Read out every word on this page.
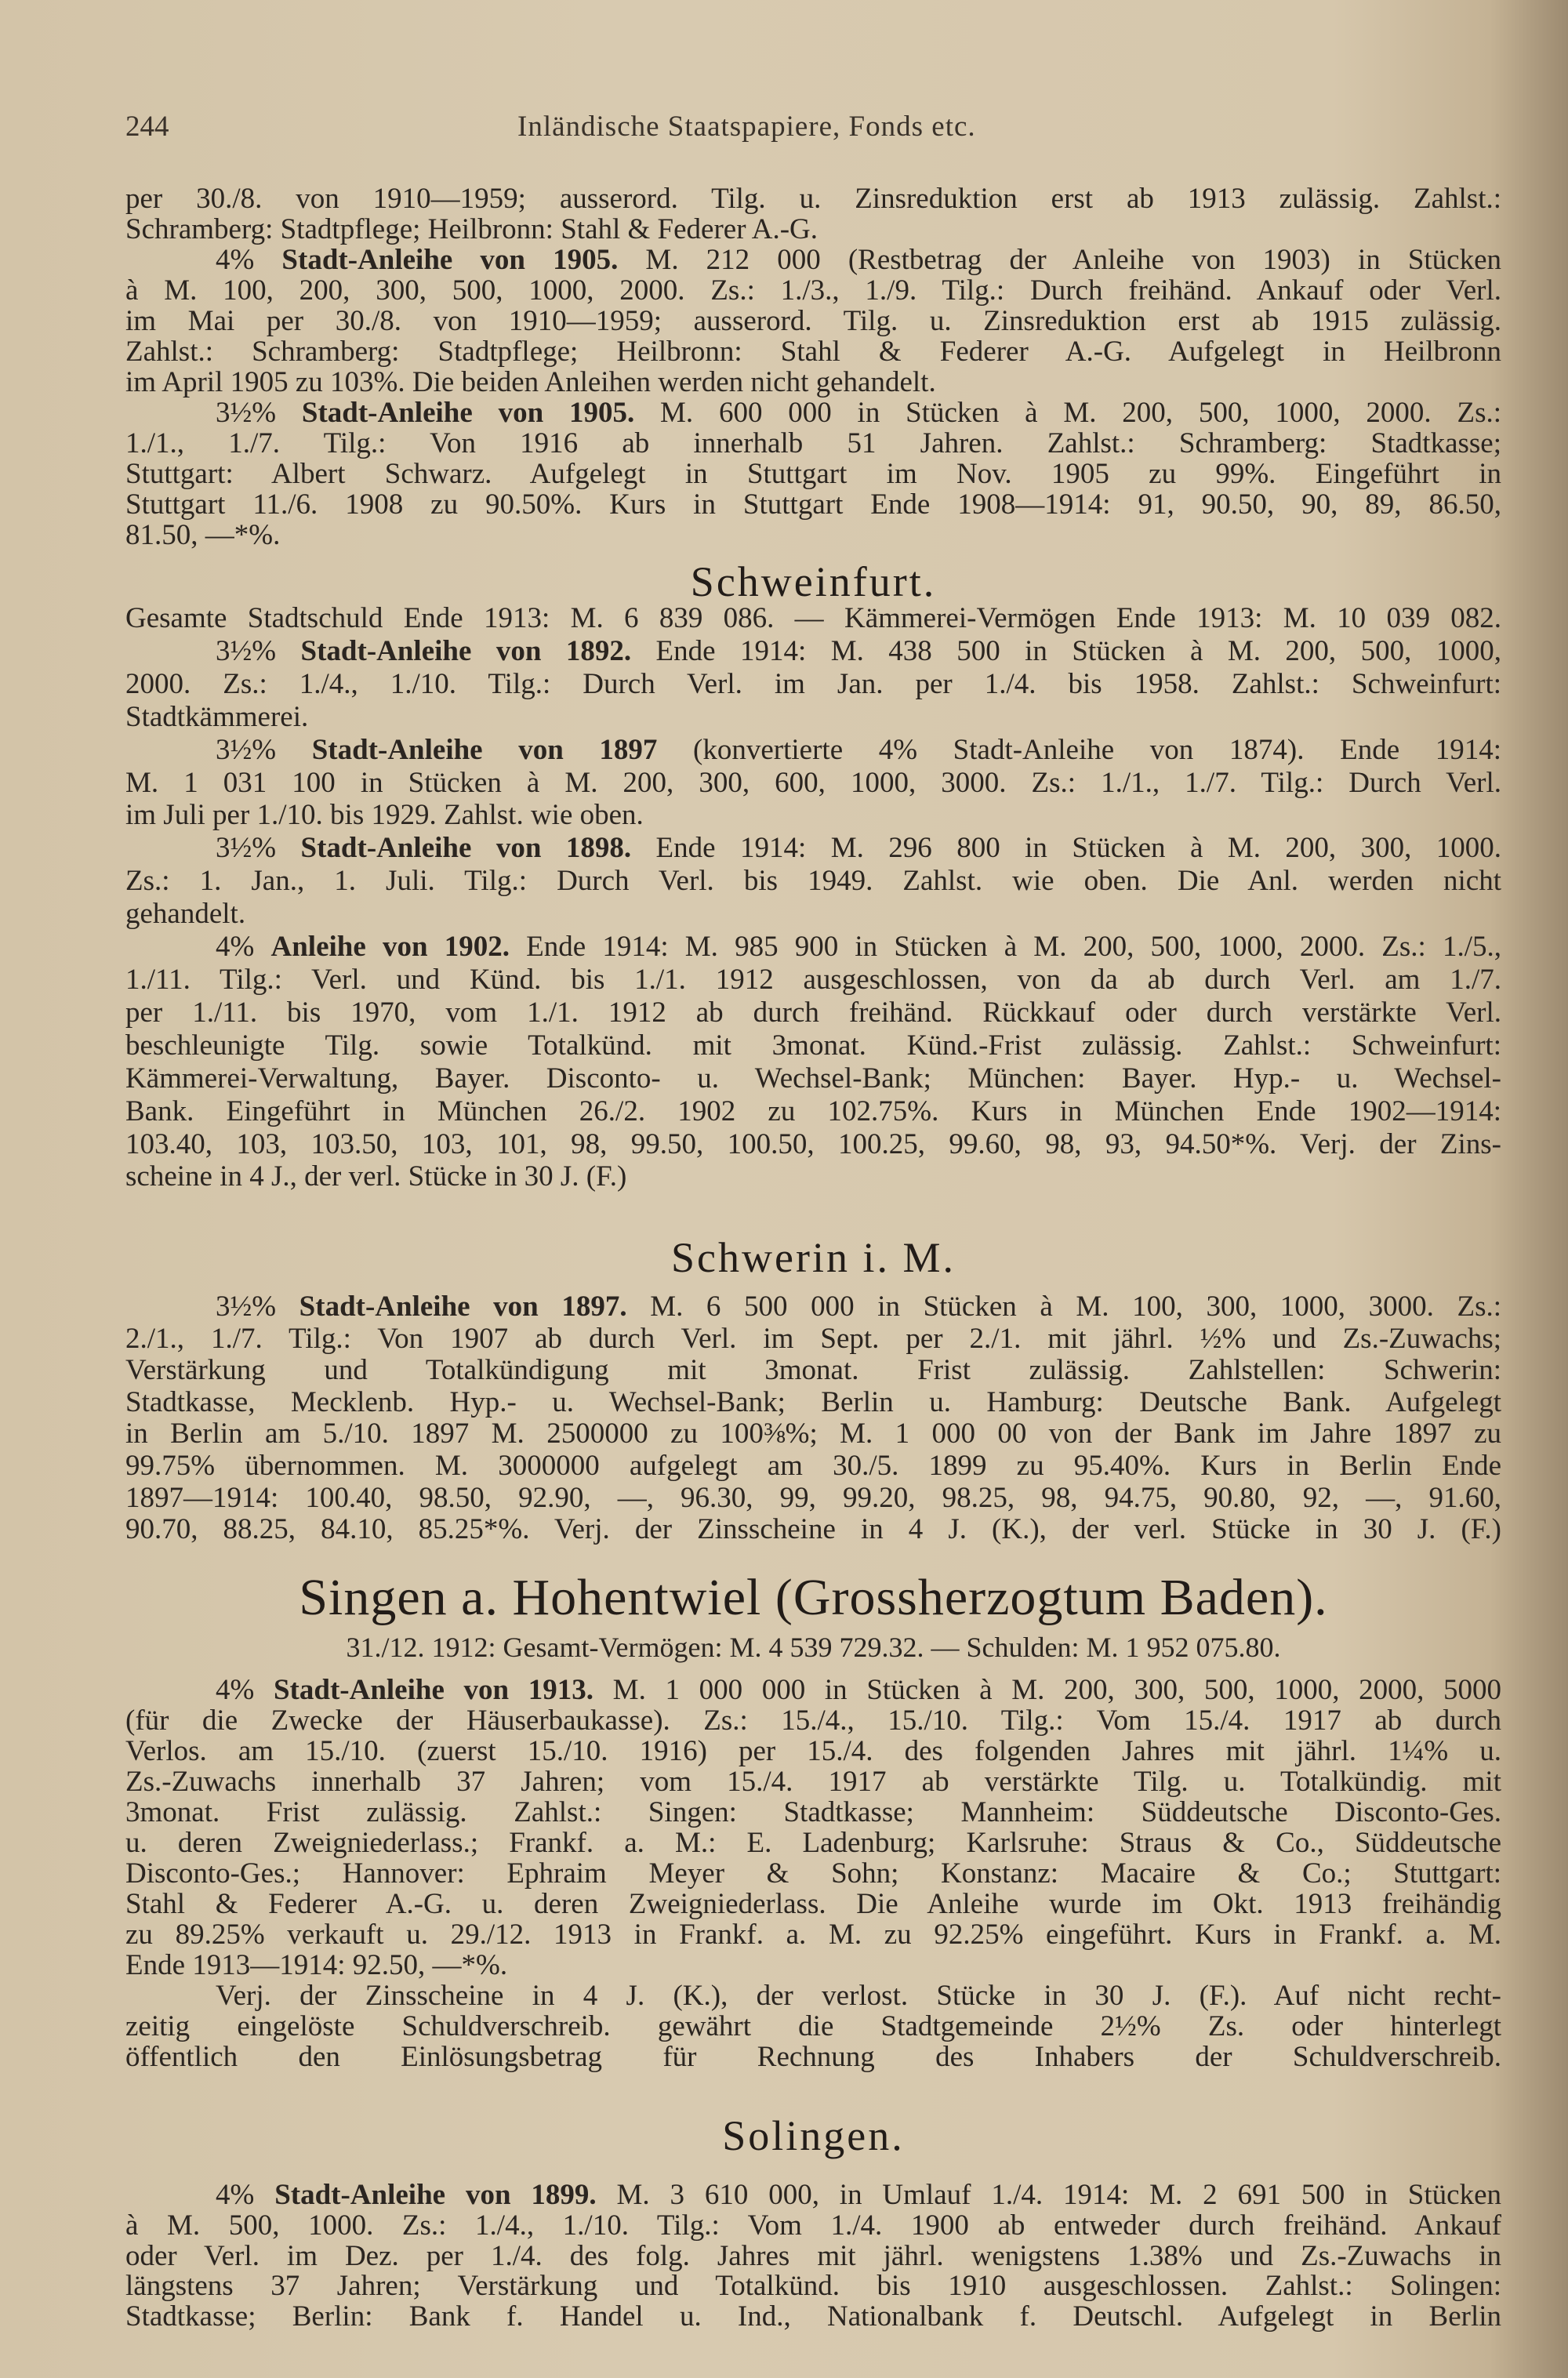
244	Inländische Staatspapiere, Fonds etc.
per 30./8. von 1910—1959; ausserord. Tilg. u. Zinsreduktion erst ab 1913 zulässig. Zahlst.:
Schramberg: Stadtpflege; Heilbronn: Stahl & Federer A.-G.
4% Stadt-Anleihe von 1905. M. 212 000 (Restbetrag der Anleihe von 1903) in Stücken
à M. 100, 200, 300, 500, 1000, 2000. Zs.: 1./3., 1./9. Tilg.: Durch freihänd. Ankauf oder Verl.
im Mai per 30./8. von 1910—1959; ausserord. Tilg. u. Zinsreduktion erst ab 1915 zulässig.
Zahlst.: Schramberg: Stadtpflege; Heilbronn: Stahl & Federer A.-G. Aufgelegt in Heilbronn
im April 1905 zu 103%. Die beiden Anleihen werden nicht gehandelt.
3½% Stadt-Anleihe von 1905. M. 600 000 in Stücken à M. 200, 500, 1000, 2000. Zs.:
1./1., 1./7. Tilg.: Von 1916 ab innerhalb 51 Jahren. Zahlst.: Schramberg: Stadtkasse;
Stuttgart: Albert Schwarz. Aufgelegt in Stuttgart im Nov. 1905 zu 99%. Eingeführt in
Stuttgart 11./6. 1908 zu 90.50%. Kurs in Stuttgart Ende 1908—1914: 91, 90.50, 90, 89, 86.50,
81.50, —*%.
Schweinfurt.
Gesamte Stadtschuld Ende 1913: M. 6 839 086. — Kämmerei-Vermögen Ende 1913: M. 10 039 082.
3½% Stadt-Anleihe von 1892. Ende 1914: M. 438 500 in Stücken à M. 200, 500, 1000,
2000. Zs.: 1./4., 1./10. Tilg.: Durch Verl. im Jan. per 1./4. bis 1958. Zahlst.: Schweinfurt:
Stadtkämmerei.
3½% Stadt-Anleihe von 1897 (konvertierte 4% Stadt-Anleihe von 1874). Ende 1914:
M. 1 031 100 in Stücken à M. 200, 300, 600, 1000, 3000. Zs.: 1./1., 1./7. Tilg.: Durch Verl.
im Juli per 1./10. bis 1929. Zahlst. wie oben.
3½% Stadt-Anleihe von 1898. Ende 1914: M. 296 800 in Stücken à M. 200, 300, 1000.
Zs.: 1. Jan., 1. Juli. Tilg.: Durch Verl. bis 1949. Zahlst. wie oben. Die Anl. werden nicht
gehandelt.
4% Anleihe von 1902. Ende 1914: M. 985 900 in Stücken à M. 200, 500, 1000, 2000. Zs.: 1./5.,
1./11. Tilg.: Verl. und Künd. bis 1./1. 1912 ausgeschlossen, von da ab durch Verl. am 1./7.
per 1./11. bis 1970, vom 1./1. 1912 ab durch freihänd. Rückkauf oder durch verstärkte Verl.
beschleunigte Tilg. sowie Totalkünd. mit 3monat. Künd.-Frist zulässig. Zahlst.: Schweinfurt:
Kämmerei-Verwaltung, Bayer. Disconto- u. Wechsel-Bank; München: Bayer. Hyp.- u. Wechsel-
Bank. Eingeführt in München 26./2. 1902 zu 102.75%. Kurs in München Ende 1902—1914:
103.40, 103, 103.50, 103, 101, 98, 99.50, 100.50, 100.25, 99.60, 98, 93, 94.50*%. Verj. der Zins-
scheine in 4 J., der verl. Stücke in 30 J. (F.)
Schwerin i. M.
3½% Stadt-Anleihe von 1897. M. 6 500 000 in Stücken à M. 100, 300, 1000, 3000. Zs.:
2./1., 1./7. Tilg.: Von 1907 ab durch Verl. im Sept. per 2./1. mit jährl. ½% und Zs.-Zuwachs;
Verstärkung und Totalkündigung mit 3monat. Frist zulässig. Zahlstellen: Schwerin:
Stadtkasse, Mecklenb. Hyp.- u. Wechsel-Bank; Berlin u. Hamburg: Deutsche Bank. Aufgelegt
in Berlin am 5./10. 1897 M. 2500000 zu 100⅜%; M. 1 000 00 von der Bank im Jahre 1897 zu
99.75% übernommen. M. 3000000 aufgelegt am 30./5. 1899 zu 95.40%. Kurs in Berlin Ende
1897—1914: 100.40, 98.50, 92.90, —, 96.30, 99, 99.20, 98.25, 98, 94.75, 90.80, 92, —, 91.60,
90.70, 88.25, 84.10, 85.25*%. Verj. der Zinsscheine in 4 J. (K.), der verl. Stücke in 30 J. (F.)
Singen a. Hohentwiel (Grossherzogtum Baden).
31./12. 1912: Gesamt-Vermögen: M. 4 539 729.32. — Schulden: M. 1 952 075.80.
4% Stadt-Anleihe von 1913. M. 1 000 000 in Stücken à M. 200, 300, 500, 1000, 2000, 5000
(für die Zwecke der Häuserbaukasse). Zs.: 15./4., 15./10. Tilg.: Vom 15./4. 1917 ab durch
Verlos. am 15./10. (zuerst 15./10. 1916) per 15./4. des folgenden Jahres mit jährl. 1¼% u.
Zs.-Zuwachs innerhalb 37 Jahren; vom 15./4. 1917 ab verstärkte Tilg. u. Totalkündig. mit
3monat. Frist zulässig. Zahlst.: Singen: Stadtkasse; Mannheim: Süddeutsche Disconto-Ges.
u. deren Zweigniederlass.; Frankf. a. M.: E. Ladenburg; Karlsruhe: Straus & Co., Süddeutsche
Disconto-Ges.; Hannover: Ephraim Meyer & Sohn; Konstanz: Macaire & Co.; Stuttgart:
Stahl & Federer A.-G. u. deren Zweigniederlass. Die Anleihe wurde im Okt. 1913 freihändig
zu 89.25% verkauft u. 29./12. 1913 in Frankf. a. M. zu 92.25% eingeführt. Kurs in Frankf. a. M.
Ende 1913—1914: 92.50, —*%.
Verj. der Zinsscheine in 4 J. (K.), der verlost. Stücke in 30 J. (F.). Auf nicht recht-
zeitig eingelöste Schuldverschreib. gewährt die Stadtgemeinde 2½% Zs. oder hinterlegt
öffentlich den Einlösungsbetrag für Rechnung des Inhabers der Schuldverschreib.
Solingen.
4% Stadt-Anleihe von 1899. M. 3 610 000, in Umlauf 1./4. 1914: M. 2 691 500 in Stücken
à M. 500, 1000. Zs.: 1./4., 1./10. Tilg.: Vom 1./4. 1900 ab entweder durch freihänd. Ankauf
oder Verl. im Dez. per 1./4. des folg. Jahres mit jährl. wenigstens 1.38% und Zs.-Zuwachs in
längstens 37 Jahren; Verstärkung und Totalkünd. bis 1910 ausgeschlossen. Zahlst.: Solingen:
Stadtkasse; Berlin: Bank f. Handel u. Ind., Nationalbank f. Deutschl. Aufgelegt in Berlin
